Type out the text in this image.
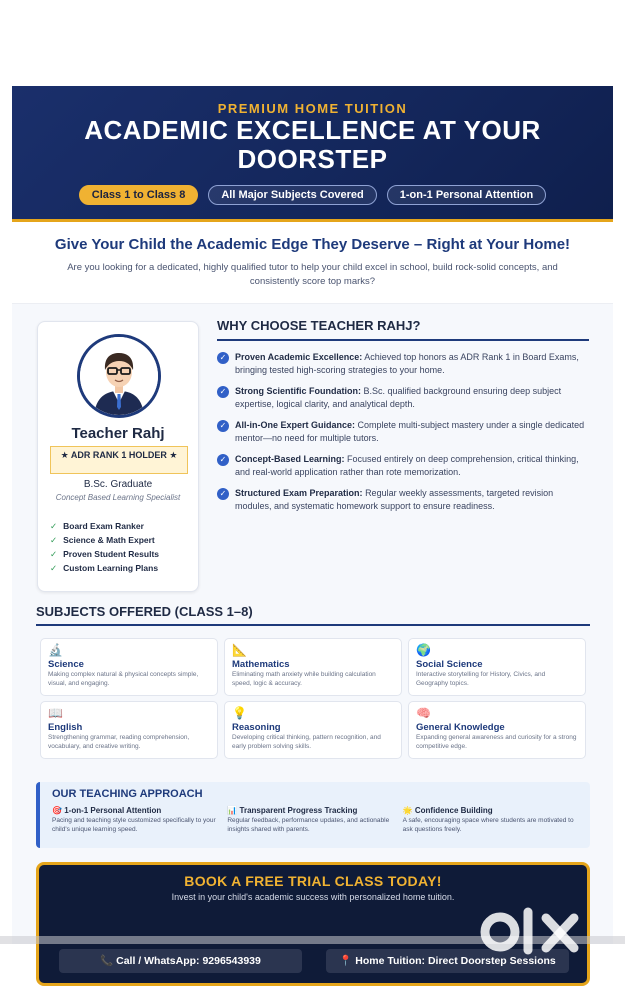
PREMIUM HOME TUITION
ACADEMIC EXCELLENCE AT YOUR DOORSTEP
Class 1 to Class 8	All Major Subjects Covered	1-on-1 Personal Attention
Give Your Child the Academic Edge They Deserve – Right at Your Home!

Are you looking for a dedicated, highly qualified tutor to help your child excel in school, build rock-solid concepts, and consistently score top marks?

Teacher Rahj
★ ADR RANK 1 HOLDER ★
B.Sc. Graduate
Concept Based Learning Specialist
✓ Board Exam Ranker
✓ Science & Math Expert
✓ Proven Student Results
✓ Custom Learning Plans
WHY CHOOSE TEACHER RAHJ?
✓ Proven Academic Excellence: Achieved top honors as ADR Rank 1 in Board Exams, bringing tested high-scoring strategies to your home.
✓ Strong Scientific Foundation: B.Sc. qualified background ensuring deep subject expertise, logical clarity, and analytical depth.
✓ All-in-One Expert Guidance: Complete multi-subject mastery under a single dedicated mentor—no need for multiple tutors.
✓ Concept-Based Learning: Focused entirely on deep comprehension, critical thinking, and real-world application rather than rote memorization.
✓ Structured Exam Preparation: Regular weekly assessments, targeted revision modules, and systematic homework support to ensure readiness.
SUBJECTS OFFERED (CLASS 1–8)
🔬
Science
Making complex natural & physical concepts simple, visual, and engaging.
📐
Mathematics
Eliminating math anxiety while building calculation speed, logic & accuracy.
🌍
Social Science
Interactive storytelling for History, Civics, and Geography topics.
📖
English
Strengthening grammar, reading comprehension, vocabulary, and creative writing.
💡
Reasoning
Developing critical thinking, pattern recognition, and early problem solving skills.
🧠
General Knowledge
Expanding general awareness and curiosity for a strong competitive edge.
OUR TEACHING APPROACH
🎯 1-on-1 Personal Attention
Pacing and teaching style customized specifically to your child's unique learning speed.
📊 Transparent Progress Tracking
Regular feedback, performance updates, and actionable insights shared with parents.
🌟 Confidence Building
A safe, encouraging space where students are motivated to ask questions freely.
BOOK A FREE TRIAL CLASS TODAY!
Invest in your child's academic success with personalized home tuition.
📞 Call / WhatsApp: 9296543939	📍 Home Tuition: Direct Doorstep Sessions
